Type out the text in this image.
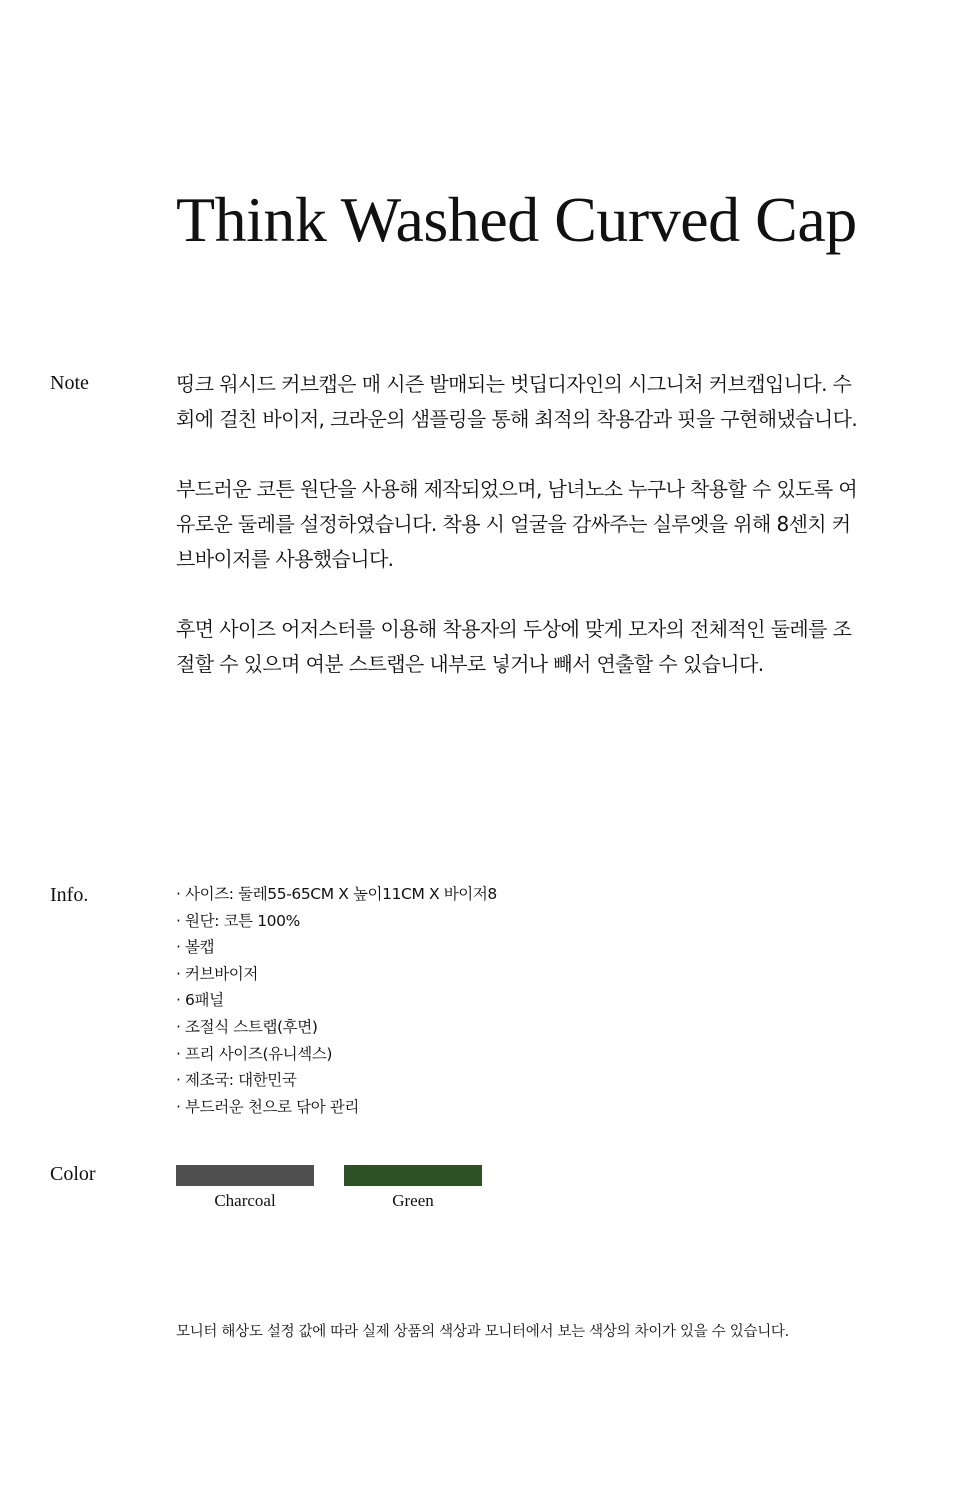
Think Washed Curved Cap
Note	띵크 워시드 커브캡은 매 시즌 발매되는 벗딥디자인의 시그니처 커브캡입니다. 수 회에 걸친 바이저, 크라운의 샘플링을 통해 최적의 착용감과 핏을 구현해냈습니다.

부드러운 코튼 원단을 사용해 제작되었으며, 남녀노소 누구나 착용할 수 있도록 여유로운 둘레를 설정하였습니다. 착용 시 얼굴을 감싸주는 실루엣을 위해 8센치 커브바이저를 사용했습니다.

후면 사이즈 어저스터를 이용해 착용자의 두상에 맞게 모자의 전체적인 둘레를 조절할 수 있으며 여분 스트랩은 내부로 넣거나 빼서 연출할 수 있습니다.

Info.	· 사이즈: 둘레55-65CM X 높이11CM X 바이저8
· 원단: 코튼 100%
· 볼캡
· 커브바이저
· 6패널
· 조절식 스트랩(후면)
· 프리 사이즈(유니섹스)
· 제조국: 대한민국
· 부드러운 천으로 닦아 관리
Color
Charcoal	Green
모니터 해상도 설정 값에 따라 실제 상품의 색상과 모니터에서 보는 색상의 차이가 있을 수 있습니다.
